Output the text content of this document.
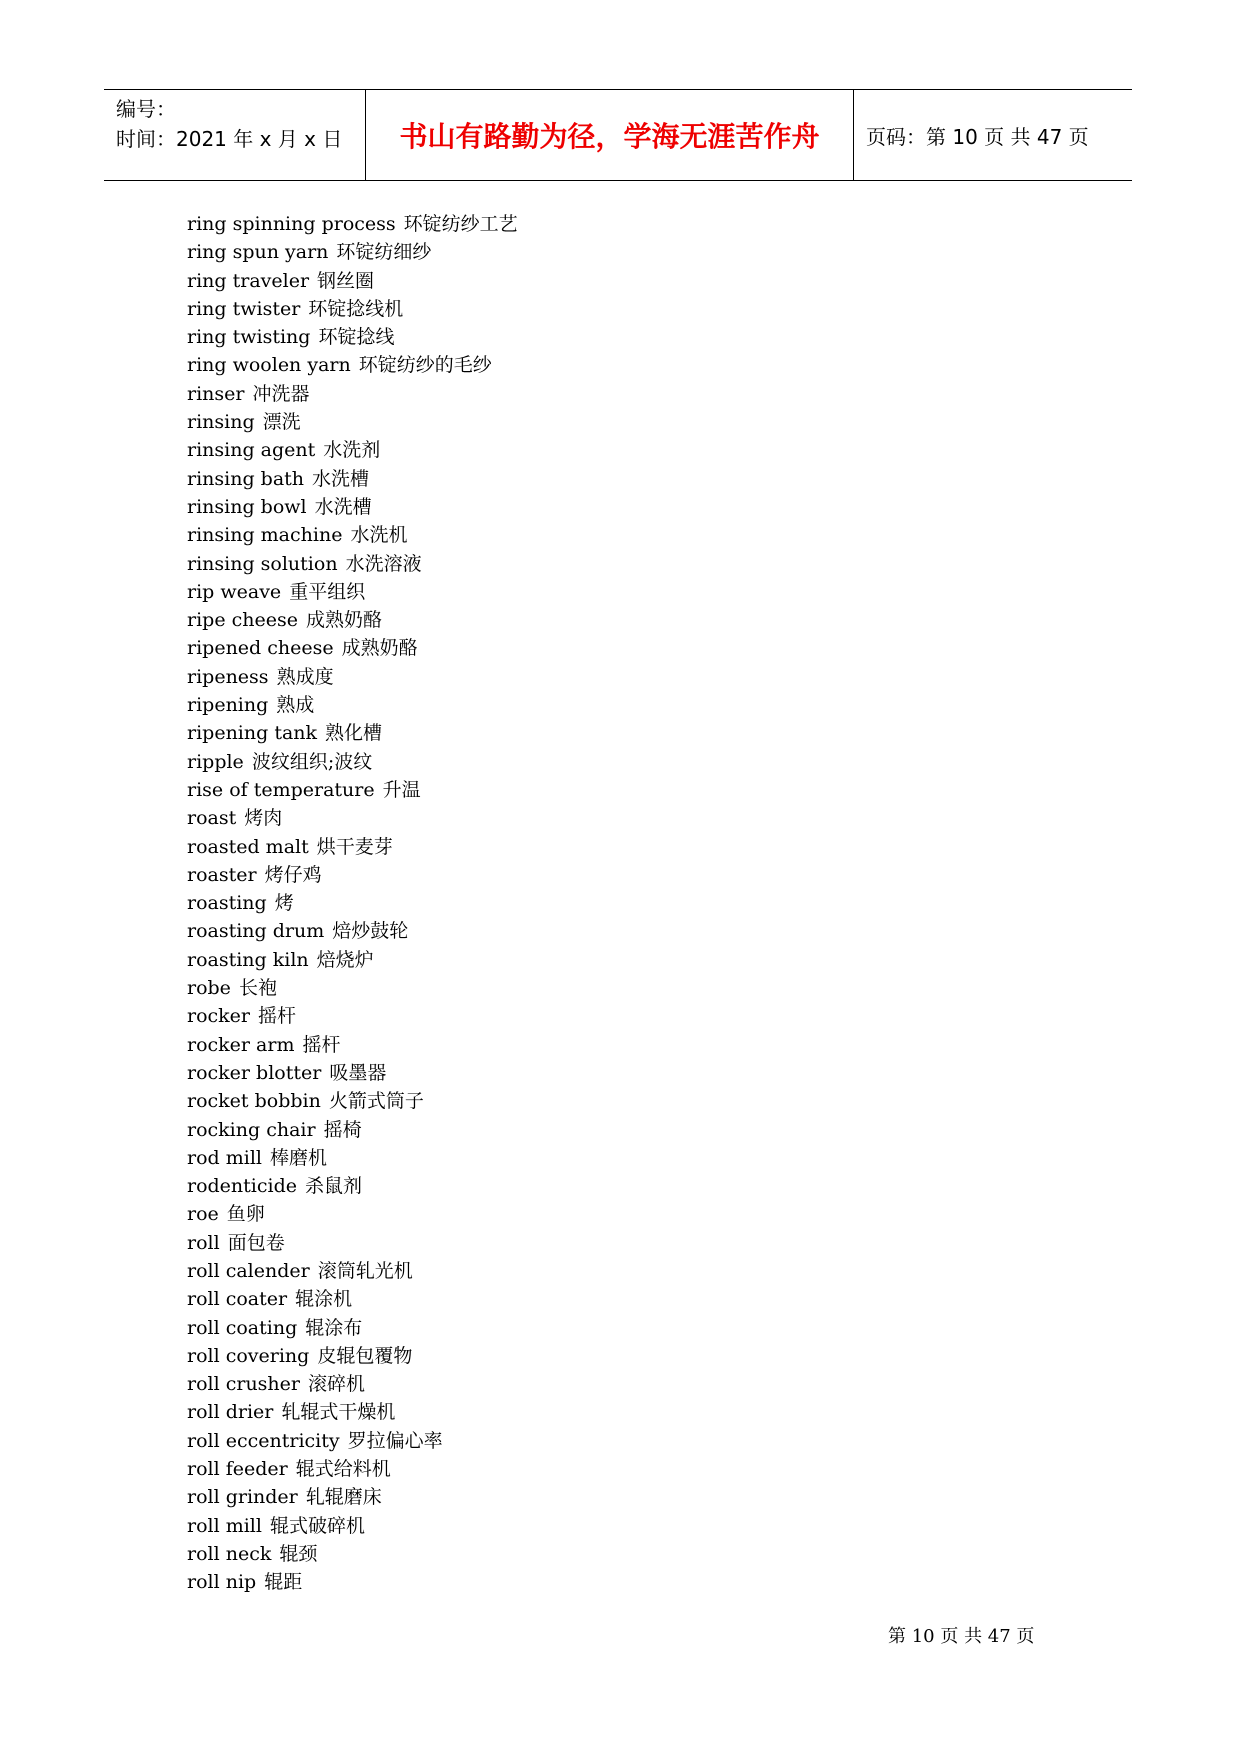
编号：
时间：2021 年 x 月 x 日	书山有路勤为径，学海无涯苦作舟 页码：第 10 页 共 47 页
ring spinning process 环锭纺纱工艺
ring spun yarn 环锭纺细纱
ring traveler 钢丝圈
ring twister 环锭捻线机
ring twisting 环锭捻线
ring woolen yarn 环锭纺纱的毛纱
rinser 冲洗器
rinsing 漂洗
rinsing agent 水洗剂
rinsing bath 水洗槽
rinsing bowl 水洗槽
rinsing machine 水洗机
rinsing solution 水洗溶液
rip weave 重平组织
ripe cheese 成熟奶酪
ripened cheese 成熟奶酪
ripeness 熟成度
ripening 熟成
ripening tank 熟化槽
ripple 波纹组织;波纹
rise of temperature 升温
roast 烤肉
roasted malt 烘干麦芽
roaster 烤仔鸡
roasting 烤
roasting drum 焙炒鼓轮
roasting kiln 焙烧炉
robe 长袍
rocker 摇杆
rocker arm 摇杆
rocker blotter 吸墨器
rocket bobbin 火箭式筒子
rocking chair 摇椅
rod mill 棒磨机
rodenticide 杀鼠剂
roe 鱼卵
roll 面包卷
roll calender 滚筒轧光机
roll coater 辊涂机
roll coating 辊涂布
roll covering 皮辊包覆物
roll crusher 滚碎机
roll drier 轧辊式干燥机
roll eccentricity 罗拉偏心率
roll feeder 辊式给料机
roll grinder 轧辊磨床
roll mill 辊式破碎机
roll neck 辊颈
roll nip 辊距
第 10 页 共 47 页
